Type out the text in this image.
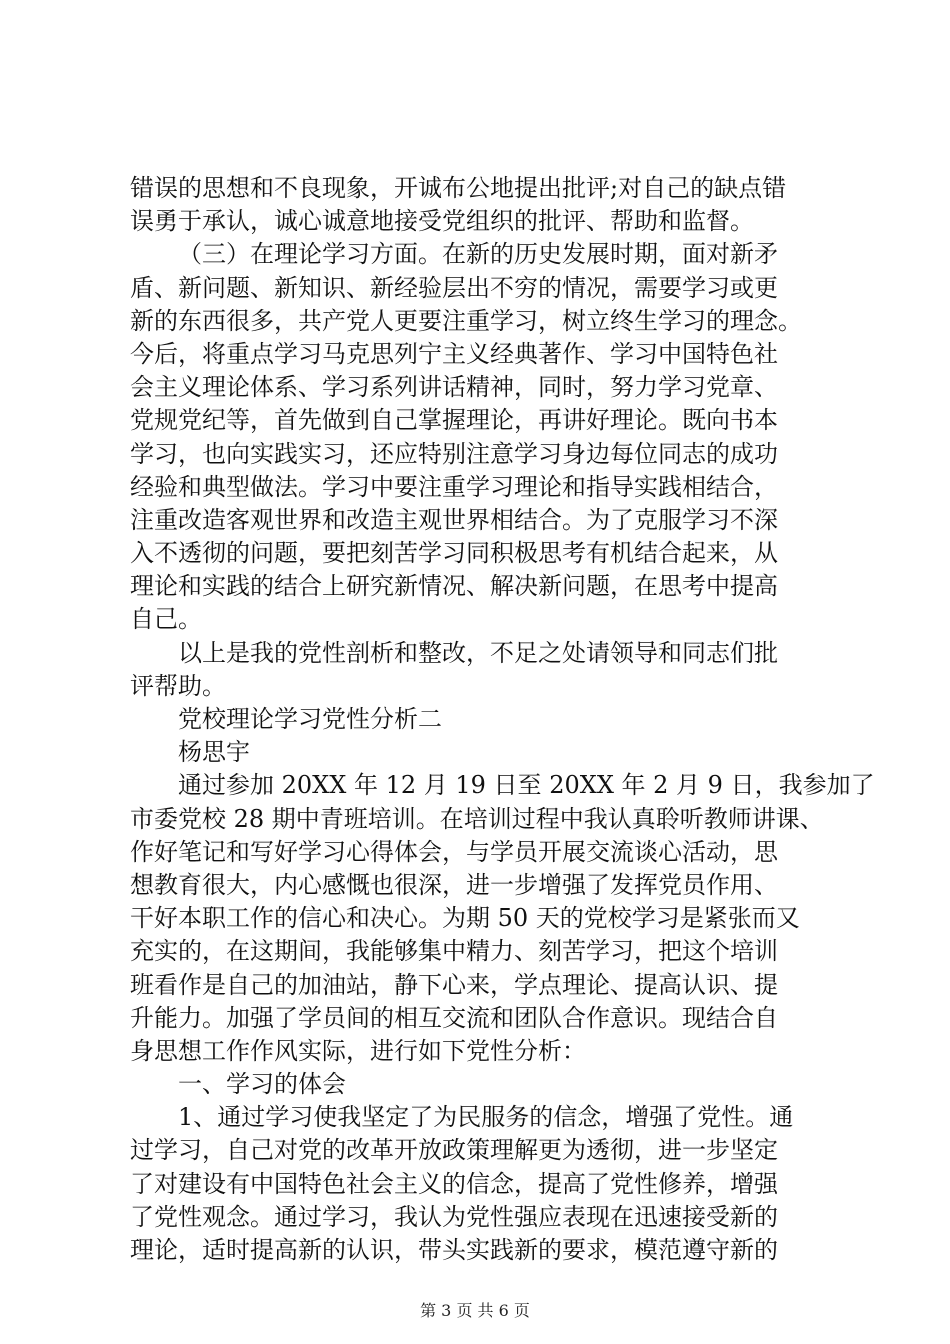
错误的思想和不良现象，开诚布公地提出批评;对自己的缺点错
误勇于承认，诚心诚意地接受党组织的批评、帮助和监督。
（三）在理论学习方面。在新的历史发展时期，面对新矛
盾、新问题、新知识、新经验层出不穷的情况，需要学习或更
新的东西很多，共产党人更要注重学习，树立终生学习的理念。
今后，将重点学习马克思列宁主义经典著作、学习中国特色社
会主义理论体系、学习系列讲话精神，同时，努力学习党章、
党规党纪等，首先做到自己掌握理论，再讲好理论。既向书本
学习，也向实践实习，还应特别注意学习身边每位同志的成功
经验和典型做法。学习中要注重学习理论和指导实践相结合，
注重改造客观世界和改造主观世界相结合。为了克服学习不深
入不透彻的问题，要把刻苦学习同积极思考有机结合起来，从
理论和实践的结合上研究新情况、解决新问题，在思考中提高
自己。
以上是我的党性剖析和整改，不足之处请领导和同志们批
评帮助。
党校理论学习党性分析二
杨思宇
通过参加 20XX 年 12 月 19 日至 20XX 年 2 月 9 日，我参加了
市委党校 28 期中青班培训。在培训过程中我认真聆听教师讲课、
作好笔记和写好学习心得体会，与学员开展交流谈心活动，思
想教育很大，内心感慨也很深，进一步增强了发挥党员作用、
干好本职工作的信心和决心。为期 50 天的党校学习是紧张而又
充实的，在这期间，我能够集中精力、刻苦学习，把这个培训
班看作是自己的加油站，静下心来，学点理论、提高认识、提
升能力。加强了学员间的相互交流和团队合作意识。现结合自
身思想工作作风实际，进行如下党性分析：
一、学习的体会
1、通过学习使我坚定了为民服务的信念，增强了党性。通
过学习，自己对党的改革开放政策理解更为透彻，进一步坚定
了对建设有中国特色社会主义的信念，提高了党性修养，增强
了党性观念。通过学习，我认为党性强应表现在迅速接受新的
理论，适时提高新的认识，带头实践新的要求，模范遵守新的
第 3 页 共 6 页
